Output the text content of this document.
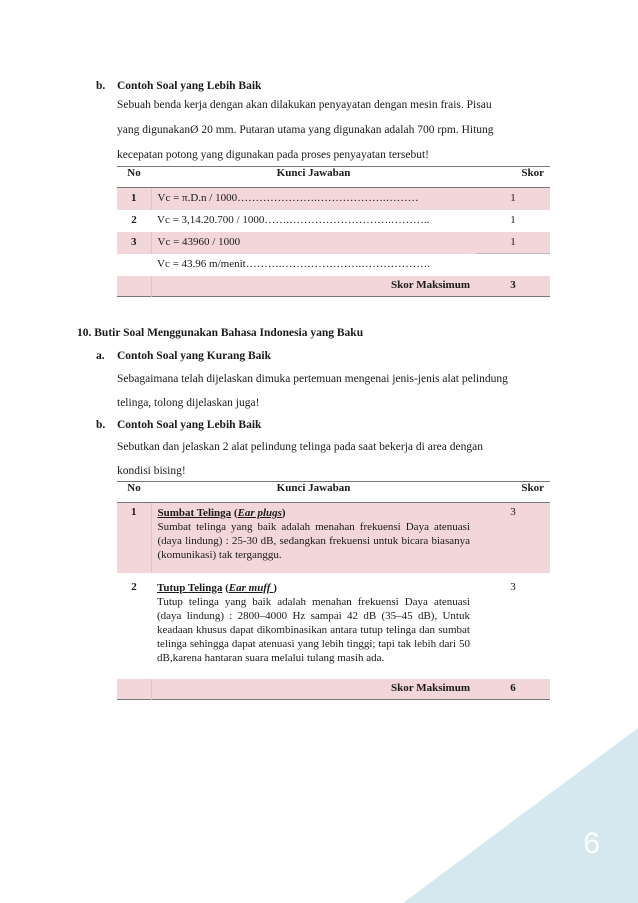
b. Contoh Soal yang Lebih Baik
Sebuah benda kerja dengan akan dilakukan penyayatan dengan mesin frais. Pisau
yang digunakanØ 20 mm. Putaran utama yang digunakan adalah 700 rpm. Hitung
kecepatan potong yang digunakan pada proses penyayatan tersebut!
No	Kunci Jawaban	Skor
1	Vc = π.D.n / 1000………………….……………….………	1
2	Vc = 3,14.20.700 / 1000…….……………………….………..	1
3	Vc = 43960 / 1000	1
	Vc = 43.96 m/menit……….………………….……………….	
	Skor Maksimum	3
10. Butir Soal Menggunakan Bahasa Indonesia yang Baku
a. Contoh Soal yang Kurang Baik
Sebagaimana telah dijelaskan dimuka pertemuan mengenai jenis-jenis alat pelindung
telinga, tolong dijelaskan juga!
b. Contoh Soal yang Lebih Baik
Sebutkan dan jelaskan 2 alat pelindung telinga pada saat bekerja di area dengan
kondisi bising!
No	Kunci Jawaban	Skor
1	Sumbat Telinga (Ear plugs)
Sumbat telinga yang baik adalah menahan frekuensi Daya atenuasi (daya lindung) : 25-30 dB, sedangkan frekuensi untuk bicara biasanya (komunikasi) tak terganggu.	3
2	Tutup Telinga (Ear muff )
Tutup telinga yang baik adalah menahan frekuensi Daya atenuasi (daya lindung) : 2800–4000 Hz sampai 42 dB (35–45 dB), Untuk keadaan khusus dapat dikombinasikan antara tutup telinga dan sumbat telinga sehingga dapat atenuasi yang lebih tinggi; tapi tak lebih dari 50 dB,karena hantaran suara melalui tulang masih ada.	3
	Skor Maksimum	6
6
